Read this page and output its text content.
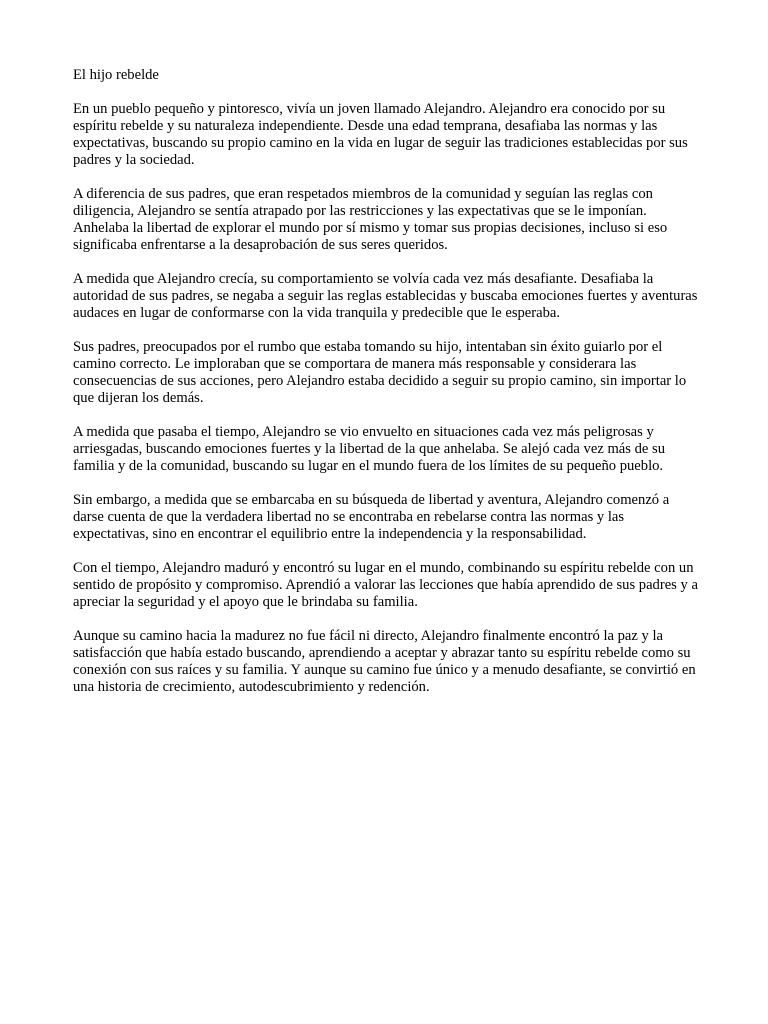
El hijo rebelde

En un pueblo pequeño y pintoresco, vivía un joven llamado Alejandro. Alejandro era conocido por su espíritu rebelde y su naturaleza independiente. Desde una edad temprana, desafiaba las normas y las expectativas, buscando su propio camino en la vida en lugar de seguir las tradiciones establecidas por sus padres y la sociedad.

A diferencia de sus padres, que eran respetados miembros de la comunidad y seguían las reglas con diligencia, Alejandro se sentía atrapado por las restricciones y las expectativas que se le imponían. Anhelaba la libertad de explorar el mundo por sí mismo y tomar sus propias decisiones, incluso si eso significaba enfrentarse a la desaprobación de sus seres queridos.

A medida que Alejandro crecía, su comportamiento se volvía cada vez más desafiante. Desafiaba la autoridad de sus padres, se negaba a seguir las reglas establecidas y buscaba emociones fuertes y aventuras audaces en lugar de conformarse con la vida tranquila y predecible que le esperaba.

Sus padres, preocupados por el rumbo que estaba tomando su hijo, intentaban sin éxito guiarlo por el camino correcto. Le imploraban que se comportara de manera más responsable y considerara las consecuencias de sus acciones, pero Alejandro estaba decidido a seguir su propio camino, sin importar lo que dijeran los demás.

A medida que pasaba el tiempo, Alejandro se vio envuelto en situaciones cada vez más peligrosas y arriesgadas, buscando emociones fuertes y la libertad de la que anhelaba. Se alejó cada vez más de su familia y de la comunidad, buscando su lugar en el mundo fuera de los límites de su pequeño pueblo.

Sin embargo, a medida que se embarcaba en su búsqueda de libertad y aventura, Alejandro comenzó a darse cuenta de que la verdadera libertad no se encontraba en rebelarse contra las normas y las expectativas, sino en encontrar el equilibrio entre la independencia y la responsabilidad.

Con el tiempo, Alejandro maduró y encontró su lugar en el mundo, combinando su espíritu rebelde con un sentido de propósito y compromiso. Aprendió a valorar las lecciones que había aprendido de sus padres y a apreciar la seguridad y el apoyo que le brindaba su familia.

Aunque su camino hacia la madurez no fue fácil ni directo, Alejandro finalmente encontró la paz y la satisfacción que había estado buscando, aprendiendo a aceptar y abrazar tanto su espíritu rebelde como su conexión con sus raíces y su familia. Y aunque su camino fue único y a menudo desafiante, se convirtió en una historia de crecimiento, autodescubrimiento y redención.
